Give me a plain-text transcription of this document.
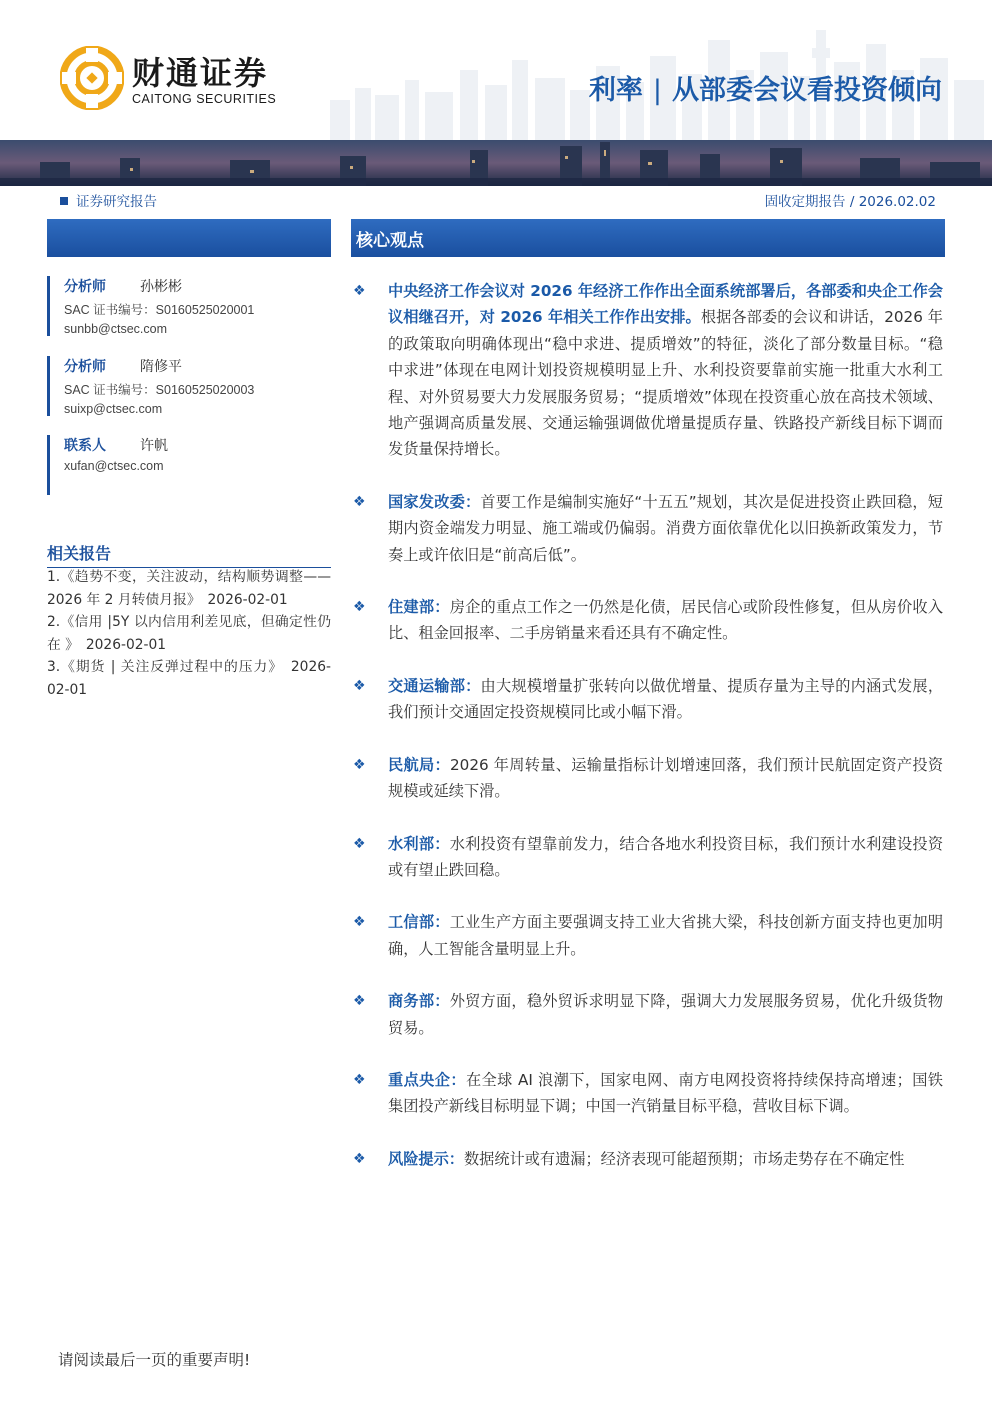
财通证券
CAITONG SECURITIES	利率 | 从部委会议看投资倾向
证券研究报告	固收定期报告 / 2026.02.02
分析师 孙彬彬
SAC 证书编号：S0160525020001
sunbb@ctsec.com
分析师 隋修平
SAC 证书编号：S0160525020003
suixp@ctsec.com
联系人 许帆
xufan@ctsec.com
相关报告
1.《趋势不变，关注波动，结构顺势调整——2026 年 2 月转债月报》　2026-02-01
2.《信用 |5Y 以内信用利差见底，但确定性仍在 》　2026-02-01
3.《期货 | 关注反弹过程中的压力》　2026-02-01
核心观点
❖ 中央经济工作会议对 2026 年经济工作作出全面系统部署后，各部委和央企工作会议相继召开，对 2026 年相关工作作出安排。根据各部委的会议和讲话，2026 年的政策取向明确体现出“稳中求进、提质增效”的特征，淡化了部分数量目标。“稳中求进”体现在电网计划投资规模明显上升、水利投资要靠前实施一批重大水利工程、对外贸易要大力发展服务贸易；“提质增效”体现在投资重心放在高技术领域、地产强调高质量发展、交通运输强调做优增量提质存量、铁路投产新线目标下调而发货量保持增长。
❖ 国家发改委：首要工作是编制实施好“十五五”规划，其次是促进投资止跌回稳，短期内资金端发力明显、施工端或仍偏弱。消费方面依靠优化以旧换新政策发力，节奏上或许依旧是“前高后低”。
❖ 住建部：房企的重点工作之一仍然是化债，居民信心或阶段性修复，但从房价收入比、租金回报率、二手房销量来看还具有不确定性。
❖ 交通运输部：由大规模增量扩张转向以做优增量、提质存量为主导的内涵式发展，我们预计交通固定投资规模同比或小幅下滑。
❖ 民航局：2026 年周转量、运输量指标计划增速回落，我们预计民航固定资产投资规模或延续下滑。
❖ 水利部：水利投资有望靠前发力，结合各地水利投资目标，我们预计水利建设投资或有望止跌回稳。
❖ 工信部：工业生产方面主要强调支持工业大省挑大梁，科技创新方面支持也更加明确，人工智能含量明显上升。
❖ 商务部：外贸方面，稳外贸诉求明显下降，强调大力发展服务贸易，优化升级货物贸易。
❖ 重点央企：在全球 AI 浪潮下，国家电网、南方电网投资将持续保持高增速；国铁集团投产新线目标明显下调；中国一汽销量目标平稳，营收目标下调。
❖ 风险提示：数据统计或有遗漏；经济表现可能超预期；市场走势存在不确定性
请阅读最后一页的重要声明!
